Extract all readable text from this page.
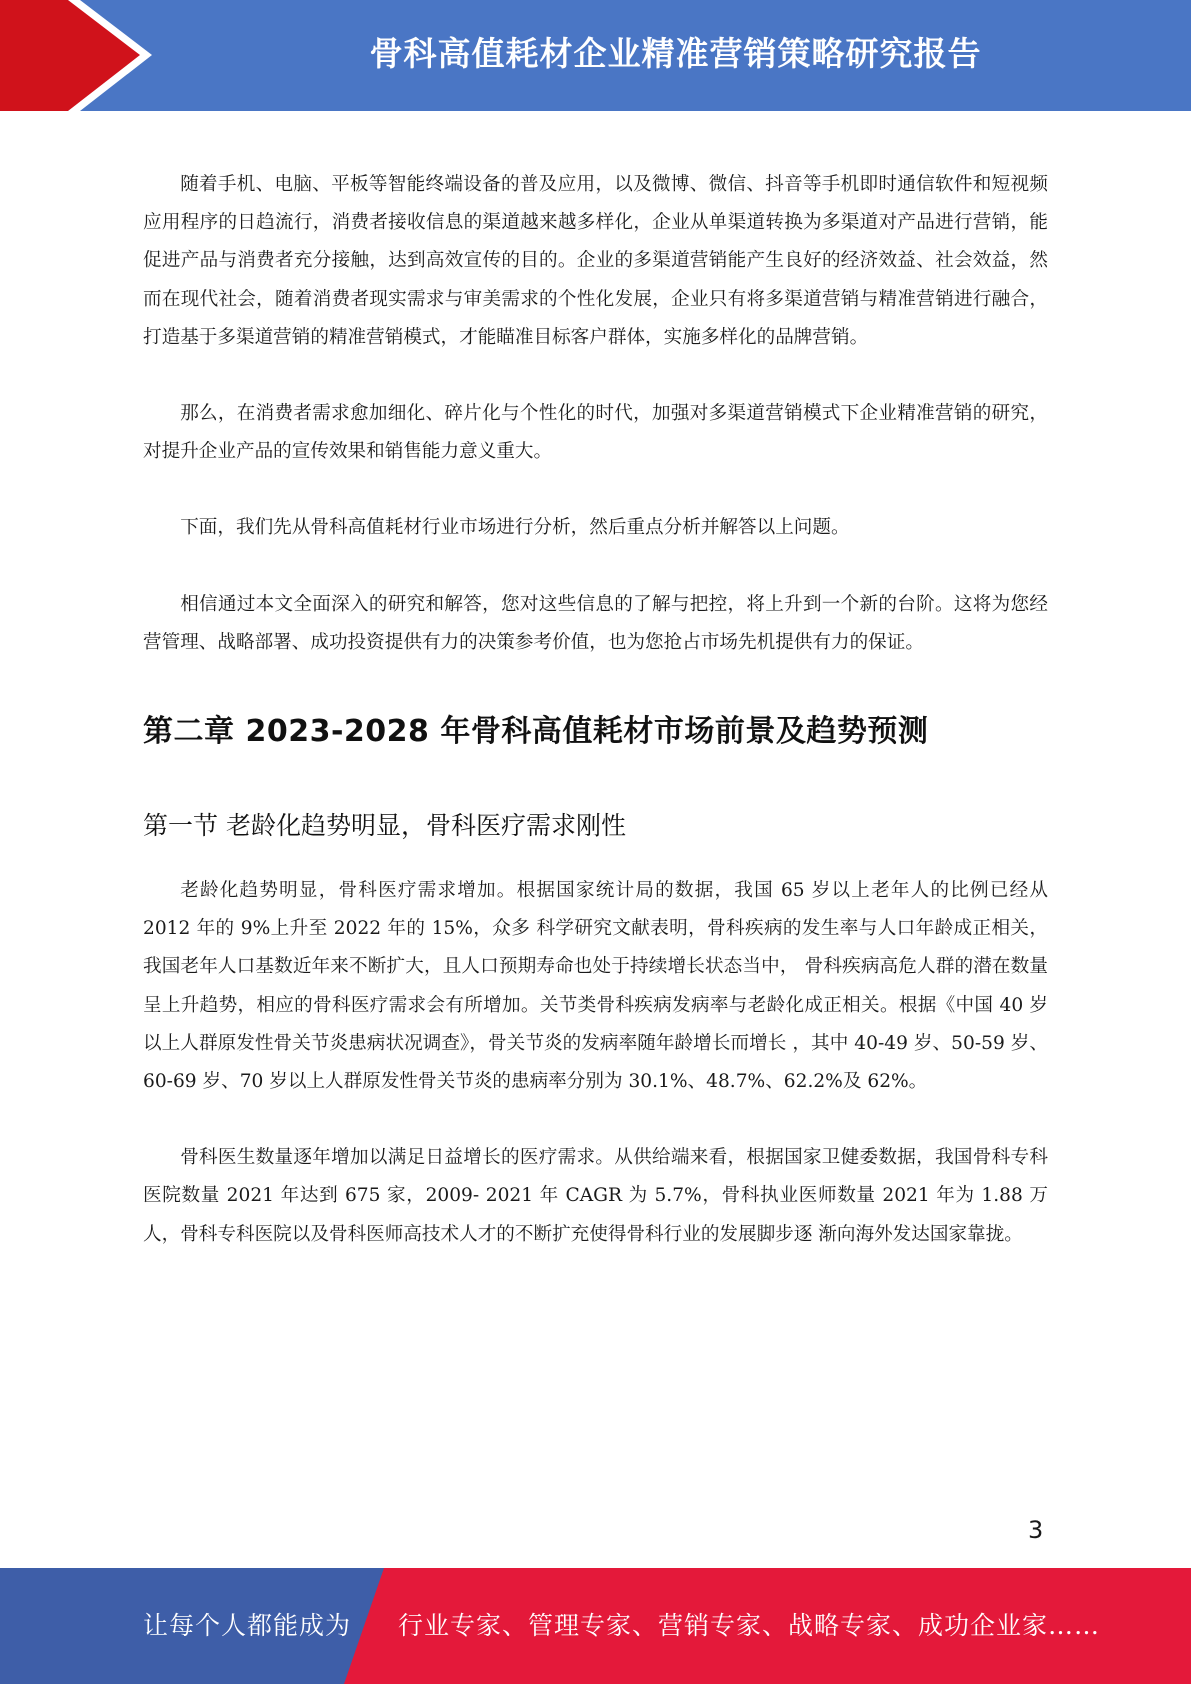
骨科高值耗材企业精准营销策略研究报告

随着手机、电脑、平板等智能终端设备的普及应用，以及微博、微信、抖音等手机即时通信软件和短视频应用程序的日趋流行，消费者接收信息的渠道越来越多样化，企业从单渠道转换为多渠道对产品进行营销，能促进产品与消费者充分接触，达到高效宣传的目的。企业的多渠道营销能产生良好的经济效益、社会效益，然而在现代社会，随着消费者现实需求与审美需求的个性化发展，企业只有将多渠道营销与精准营销进行融合，打造基于多渠道营销的精准营销模式，才能瞄准目标客户群体，实施多样化的品牌营销。

那么，在消费者需求愈加细化、碎片化与个性化的时代，加强对多渠道营销模式下企业精准营销的研究，对提升企业产品的宣传效果和销售能力意义重大。

下面，我们先从骨科高值耗材行业市场进行分析，然后重点分析并解答以上问题。

相信通过本文全面深入的研究和解答，您对这些信息的了解与把控，将上升到一个新的台阶。这将为您经营管理、战略部署、成功投资提供有力的决策参考价值，也为您抢占市场先机提供有力的保证。

第二章 2023-2028 年骨科高值耗材市场前景及趋势预测
第一节 老龄化趋势明显，骨科医疗需求刚性

老龄化趋势明显，骨科医疗需求增加。根据国家统计局的数据，我国 65 岁以上老年人的比例已经从 2012 年的 9%上升至 2022 年的 15%，众多 科学研究文献表明，骨科疾病的发生率与人口年龄成正相关，我国老年人口基数近年来不断扩大，且人口预期寿命也处于持续增长状态当中， 骨科疾病高危人群的潜在数量呈上升趋势，相应的骨科医疗需求会有所增加。关节类骨科疾病发病率与老龄化成正相关。根据《中国 40 岁以上人群原发性骨关节炎患病状况调查》，骨关节炎的发病率随年龄增长而增长 ，其中 40-49 岁、50-59 岁、60-69 岁、70 岁以上人群原发性骨关节炎的患病率分别为 30.1%、48.7%、62.2%及 62%。

骨科医生数量逐年增加以满足日益增长的医疗需求。从供给端来看，根据国家卫健委数据，我国骨科专科医院数量 2021 年达到 675 家，2009- 2021 年 CAGR 为 5.7%，骨科执业医师数量 2021 年为 1.88 万人，骨科专科医院以及骨科医师高技术人才的不断扩充使得骨科行业的发展脚步逐 渐向海外发达国家靠拢。

3
让每个人都能成为 行业专家、管理专家、营销专家、战略专家、成功企业家……
